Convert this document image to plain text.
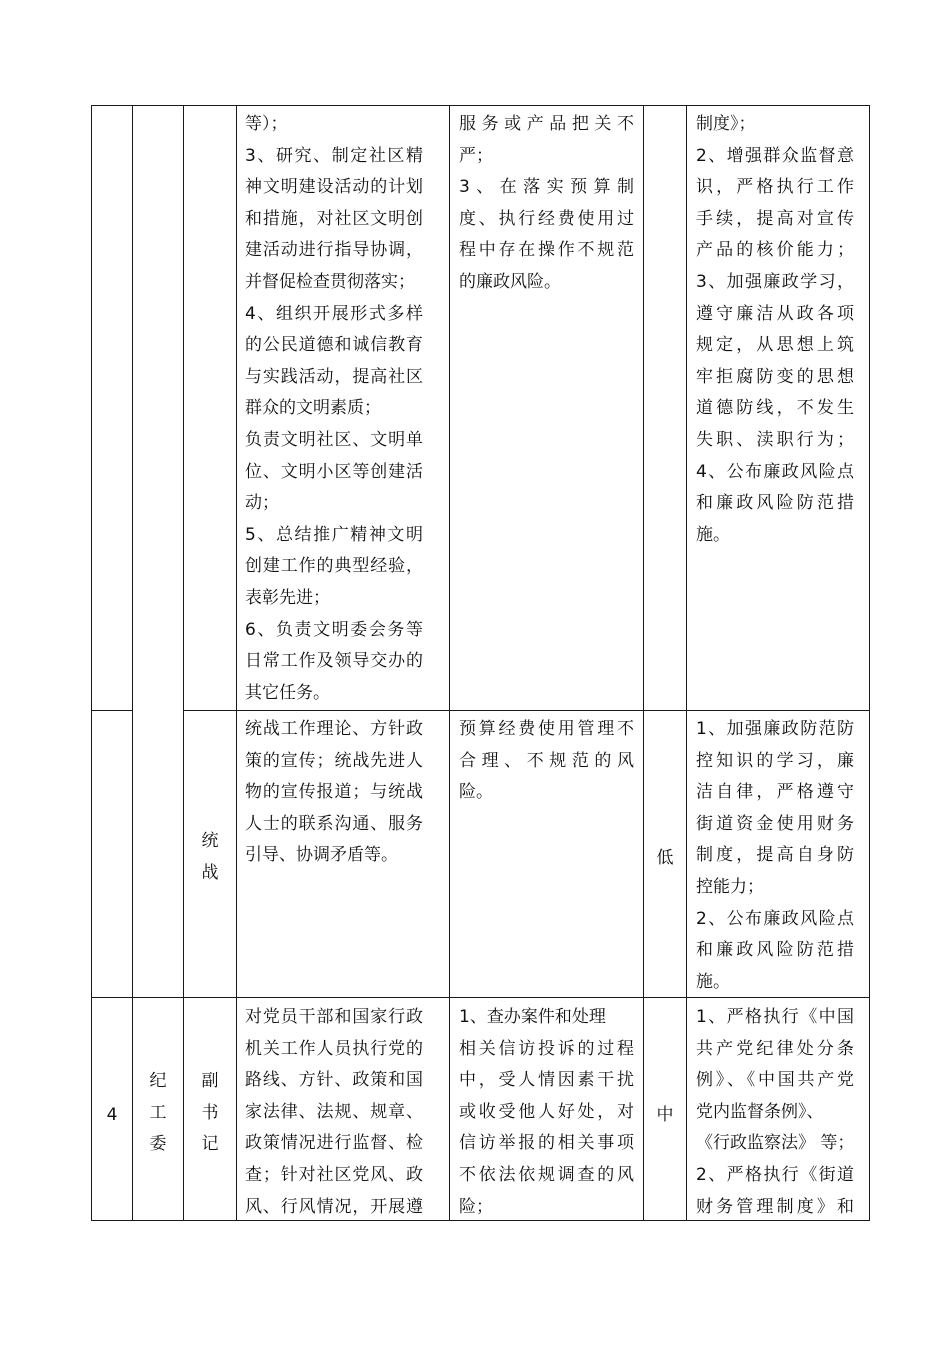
等）；
3、研究、制定社区精
神文明建设活动的计划
和措施，对社区文明创
建活动进行指导协调，
并督促检查贯彻落实；
4、组织开展形式多样
的公民道德和诚信教育
与实践活动，提高社区
群众的文明素质；
负责文明社区、文明单
位、文明小区等创建活
动；
5、总结推广精神文明
创建工作的典型经验，
表彰先进；
6、负责文明委会务等
日常工作及领导交办的
其它任务。
服务或产品把关不
严；
3、在落实预算制
度、执行经费使用过
程中存在操作不规范
的廉政风险。
制度》；
2、增强群众监督意
识，严格执行工作
手续，提高对宣传
产品的核价能力；
3、加强廉政学习，
遵守廉洁从政各项
规定，从思想上筑
牢拒腐防变的思想
道德防线，不发生
失职、渎职行为；
4、公布廉政风险点
和廉政风险防范措
施。
统
战
统战工作理论、方针政
策的宣传；统战先进人
物的宣传报道；与统战
人士的联系沟通、服务
引导、协调矛盾等。
预算经费使用管理不
合理、不规范的风
险。
低
1、加强廉政防范防
控知识的学习，廉
洁自律，严格遵守
街道资金使用财务
制度，提高自身防
控能力；
2、公布廉政风险点
和廉政风险防范措
施。
4
纪
工
委
副
书
记
对党员干部和国家行政
机关工作人员执行党的
路线、方针、政策和国
家法律、法规、规章、
政策情况进行监督、检
查；针对社区党风、政
风、行风情况，开展遵
1、查办案件和处理
相关信访投诉的过程
中，受人情因素干扰
或收受他人好处，对
信访举报的相关事项
不依法依规调查的风
险；
中
1、严格执行《中国
共产党纪律处分条
例》、《中国共产党
党内监督条例》、
《行政监察法》 等；
2、严格执行《街道
财务管理制度》和
